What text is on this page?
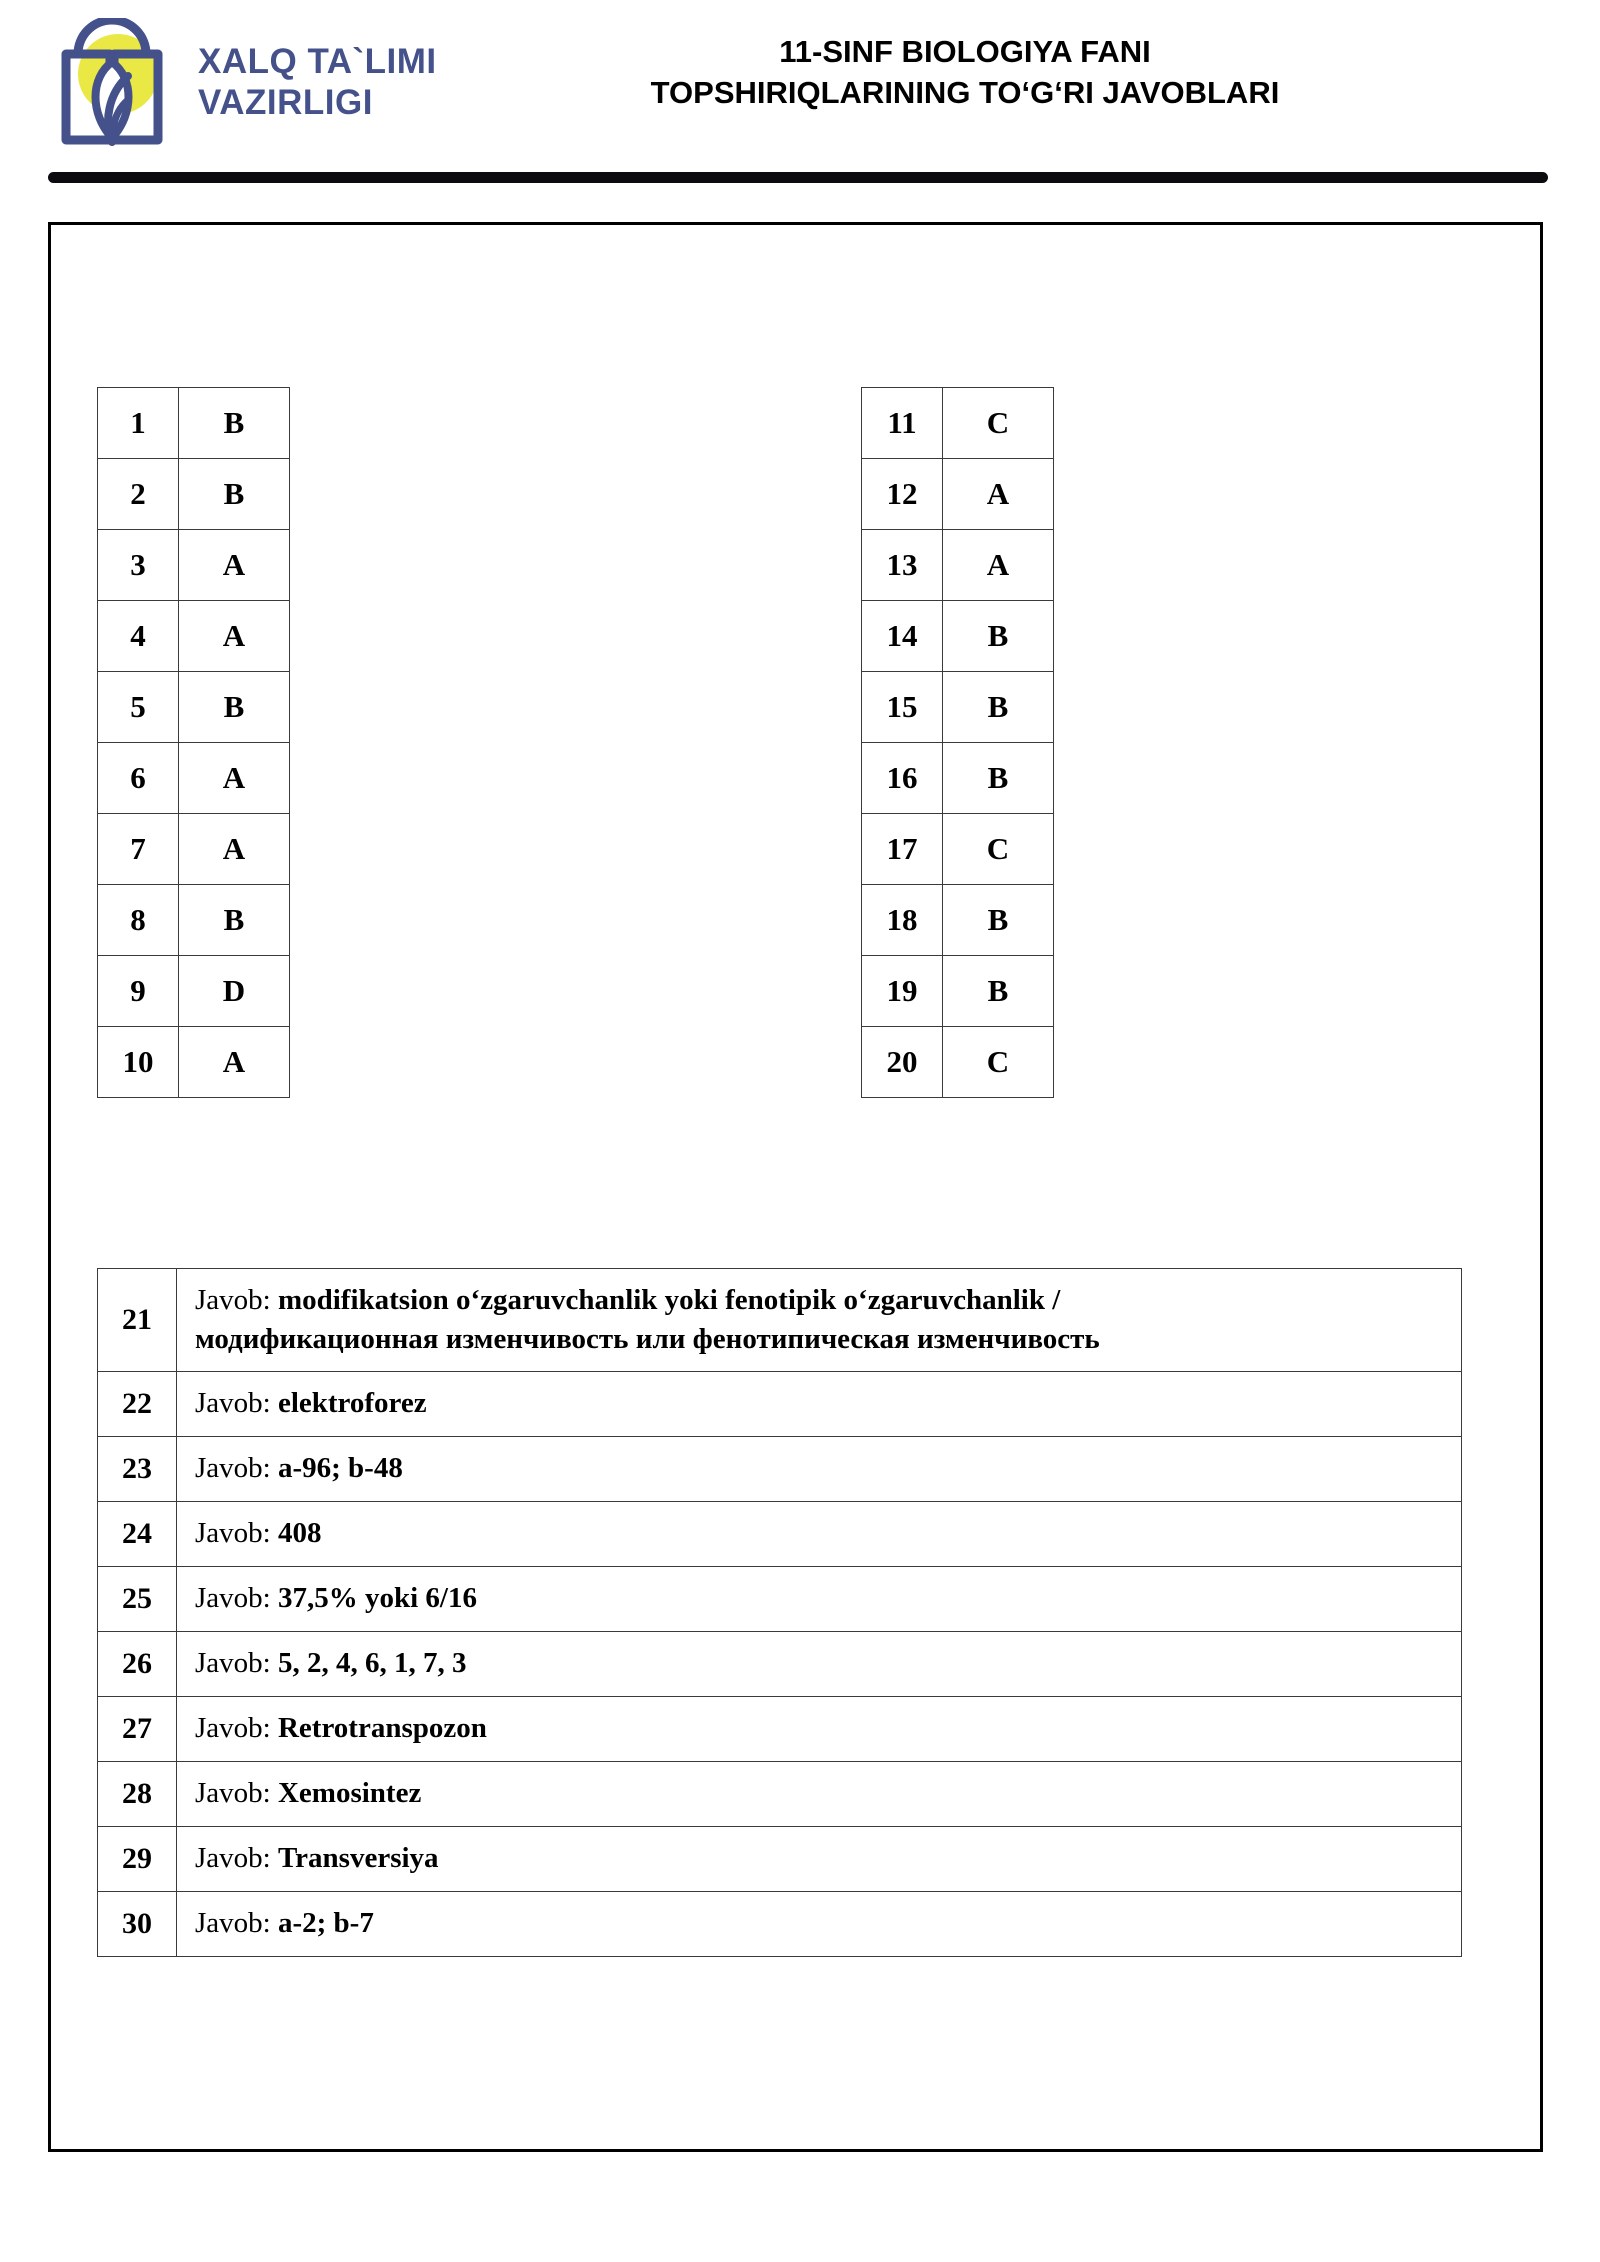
XALQ TA`LIMI
VAZIRLIGI
11-SINF BIOLOGIYA FANI
TOPSHIRIQLARINING TO‘G‘RI JAVOBLARI
1	B
2	B
3	A
4	A
5	B
6	A
7	A
8	B
9	D
10	A
11	C
12	A
13	A
14	B
15	B
16	B
17	C
18	B
19	B
20	C
21	Javob: modifikatsion o‘zgaruvchanlik yoki fenotipik o‘zgaruvchanlik /
модификационная изменчивость или фенотипическая изменчивость
22	Javob: elektroforez
23	Javob: a-96; b-48
24	Javob: 408
25	Javob: 37,5% yoki 6/16
26	Javob: 5, 2, 4, 6, 1, 7, 3
27	Javob: Retrotranspozon
28	Javob: Xemosintez
29	Javob: Transversiya
30	Javob: a-2; b-7
